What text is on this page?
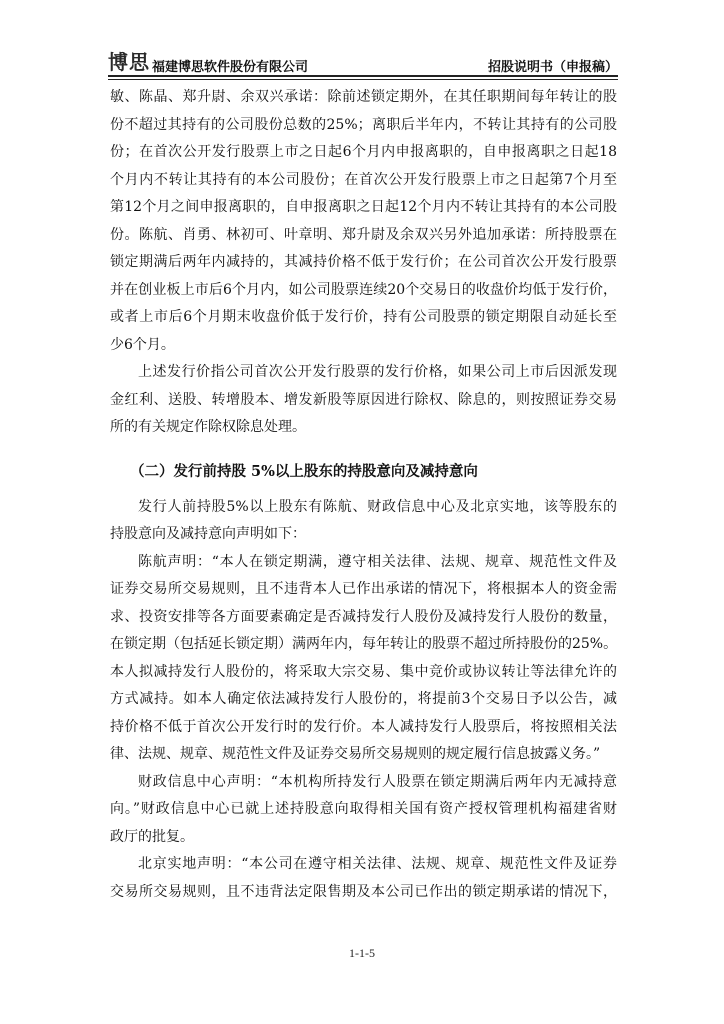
博思 福建博思软件股份有限公司	招股说明书（申报稿）
敏、陈晶、郑升尉、余双兴承诺：除前述锁定期外，在其任职期间每年转让的股
份不超过其持有的公司股份总数的25%；离职后半年内，不转让其持有的公司股
份；在首次公开发行股票上市之日起6个月内申报离职的，自申报离职之日起18
个月内不转让其持有的本公司股份；在首次公开发行股票上市之日起第7个月至
第12个月之间申报离职的，自申报离职之日起12个月内不转让其持有的本公司股
份。陈航、肖勇、林初可、叶章明、郑升尉及余双兴另外追加承诺：所持股票在
锁定期满后两年内减持的，其减持价格不低于发行价；在公司首次公开发行股票
并在创业板上市后6个月内，如公司股票连续20个交易日的收盘价均低于发行价，
或者上市后6个月期末收盘价低于发行价，持有公司股票的锁定期限自动延长至
少6个月。
上述发行价指公司首次公开发行股票的发行价格，如果公司上市后因派发现
金红利、送股、转增股本、增发新股等原因进行除权、除息的，则按照证券交易
所的有关规定作除权除息处理。
（二）发行前持股 5%以上股东的持股意向及减持意向
发行人前持股5%以上股东有陈航、财政信息中心及北京实地，该等股东的
持股意向及减持意向声明如下：
陈航声明：“本人在锁定期满，遵守相关法律、法规、规章、规范性文件及
证券交易所交易规则，且不违背本人已作出承诺的情况下，将根据本人的资金需
求、投资安排等各方面要素确定是否减持发行人股份及减持发行人股份的数量，
在锁定期（包括延长锁定期）满两年内，每年转让的股票不超过所持股份的25%。
本人拟减持发行人股份的，将采取大宗交易、集中竞价或协议转让等法律允许的
方式减持。如本人确定依法减持发行人股份的，将提前3个交易日予以公告，减
持价格不低于首次公开发行时的发行价。本人减持发行人股票后，将按照相关法
律、法规、规章、规范性文件及证券交易所交易规则的规定履行信息披露义务。”
财政信息中心声明：“本机构所持发行人股票在锁定期满后两年内无减持意
向。”财政信息中心已就上述持股意向取得相关国有资产授权管理机构福建省财
政厅的批复。
北京实地声明：“本公司在遵守相关法律、法规、规章、规范性文件及证券
交易所交易规则，且不违背法定限售期及本公司已作出的锁定期承诺的情况下，
1-1-5
